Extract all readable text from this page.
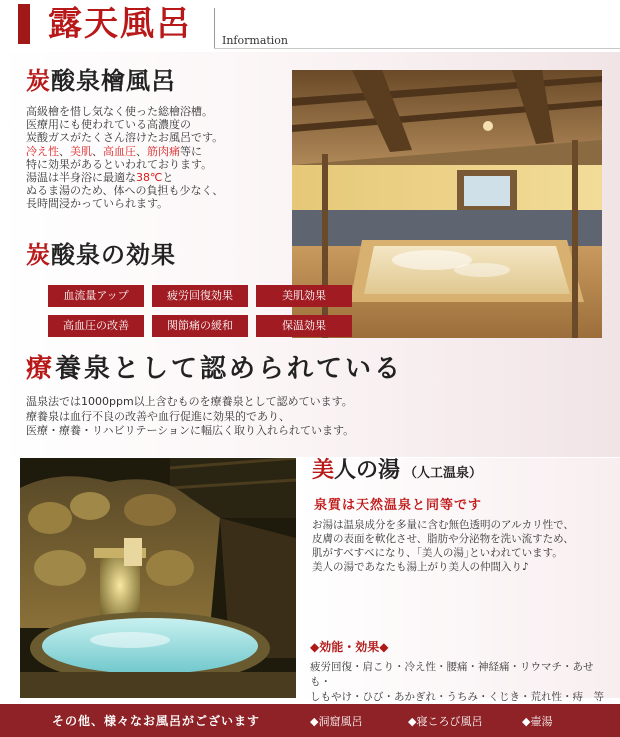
露天風呂	Information
炭酸泉檜風呂
高級檜を惜し気なく使った総檜浴槽。
医療用にも使われている高濃度の
炭酸ガスがたくさん溶けたお風呂です。
冷え性、美肌、高血圧、筋肉痛等に
特に効果があるといわれております。
湯温は半身浴に最適な38℃と
ぬるま湯のため、体への負担も少なく、
長時間浸かっていられます。
炭酸泉の効果
血流量アップ	疲労回復効果	美肌効果
高血圧の改善	関節痛の緩和	保温効果
療養泉として認められている
温泉法では1000ppm以上含むものを療養泉として認めています。
療養泉は血行不良の改善や血行促進に効果的であり、
医療・療養・リハビリテーションに幅広く取り入れられています。
美人の湯 （人工温泉）
泉質は天然温泉と同等です
お湯は温泉成分を多量に含む無色透明のアルカリ性で、
皮膚の表面を軟化させ、脂肪や分泌物を洗い流すため、
肌がすべすべになり、｢美人の湯｣といわれています。
美人の湯であなたも湯上がり美人の仲間入り♪
◆効能・効果◆
疲労回復・肩こり・冷え性・腰痛・神経痛・リウマチ・あせも・
しもやけ・ひび・あかぎれ・うちみ・くじき・荒れ性・痔　等
その他、様々なお風呂がございます	◆洞窟風呂	◆寝ころび風呂	◆壷湯
